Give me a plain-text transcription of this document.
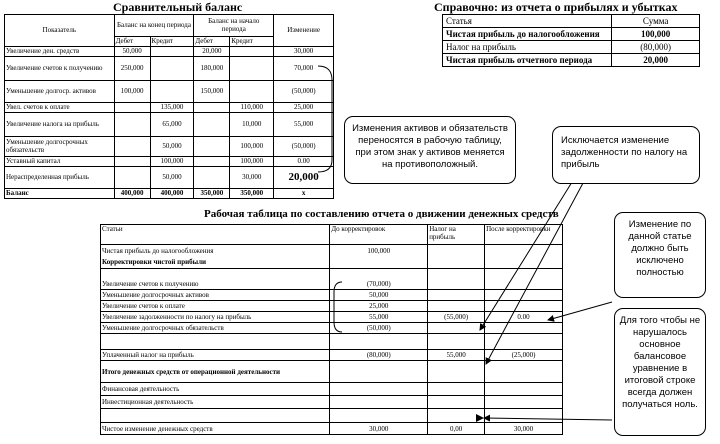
Сравнительный баланс
Показатель	Баланс на конец периода		Баланс на начало периода		Изменение
	Дебет	Кредит	Дебет	Кредит	
Увеличение ден. средств	50,000		20,000		30,000
Увеличение счетов к получению	250,000		180,000		70,000
Уменьшение долгоср. активов	100,000		150,000		(50,000)
Увел. счетов к оплате		135,000		110,000	25,000
Увеличение налога на прибыль		65,000		10,000	55,000
Уменьшение долгосрочных обязательств		50,000		100,000	(50,000)
Уставный капитал		100,000		100,000	0.00
Нераспределенная прибыль		50,000		30,000	20,000
Баланс	400,000	400,000	350,000	350,000	x
Справочно: из отчета о прибылях и убытках
Статья	Сумма
Чистая прибыль до налогообложения	100,000
Налог на прибыль	(80,000)
Чистая прибыль отчетного периода	20,000
Рабочая таблица по составлению отчета о движении денежных средств
Статьи	До корректировок	Налог на прибыль	После корректировки
Чистая прибыль до налогообложения	100,000		
Корректировки чистой прибыли			

Увеличение счетов к получению	(70,000)		
Уменьшение долгосрочных активов	50,000		
Увеличение счетов к оплате	25,000		
Увеличение задолженности по налогу на прибыль	55,000	(55,000)	0.00
Уменьшение долгосрочных обязательств	(50,000)		

Уплаченный налог на прибыль	(80,000)	55,000	(25,000)
Итого денежных средств от операционной деятельности			
Финансовая деятельность			
Инвестиционная деятельность			

Чистое изменение денежных средств	30,000	0,00	30,000
Изменения активов и обязательств переносятся в рабочую таблицу, при этом знак у активов меняется на противоположный.
Исключается изменение задолженности по налогу на прибыль
Изменение по данной статье должно быть исключено полностью
Для того чтобы не нарушалось основное балансовое уравнение в итоговой строке всегда должен получаться ноль.
